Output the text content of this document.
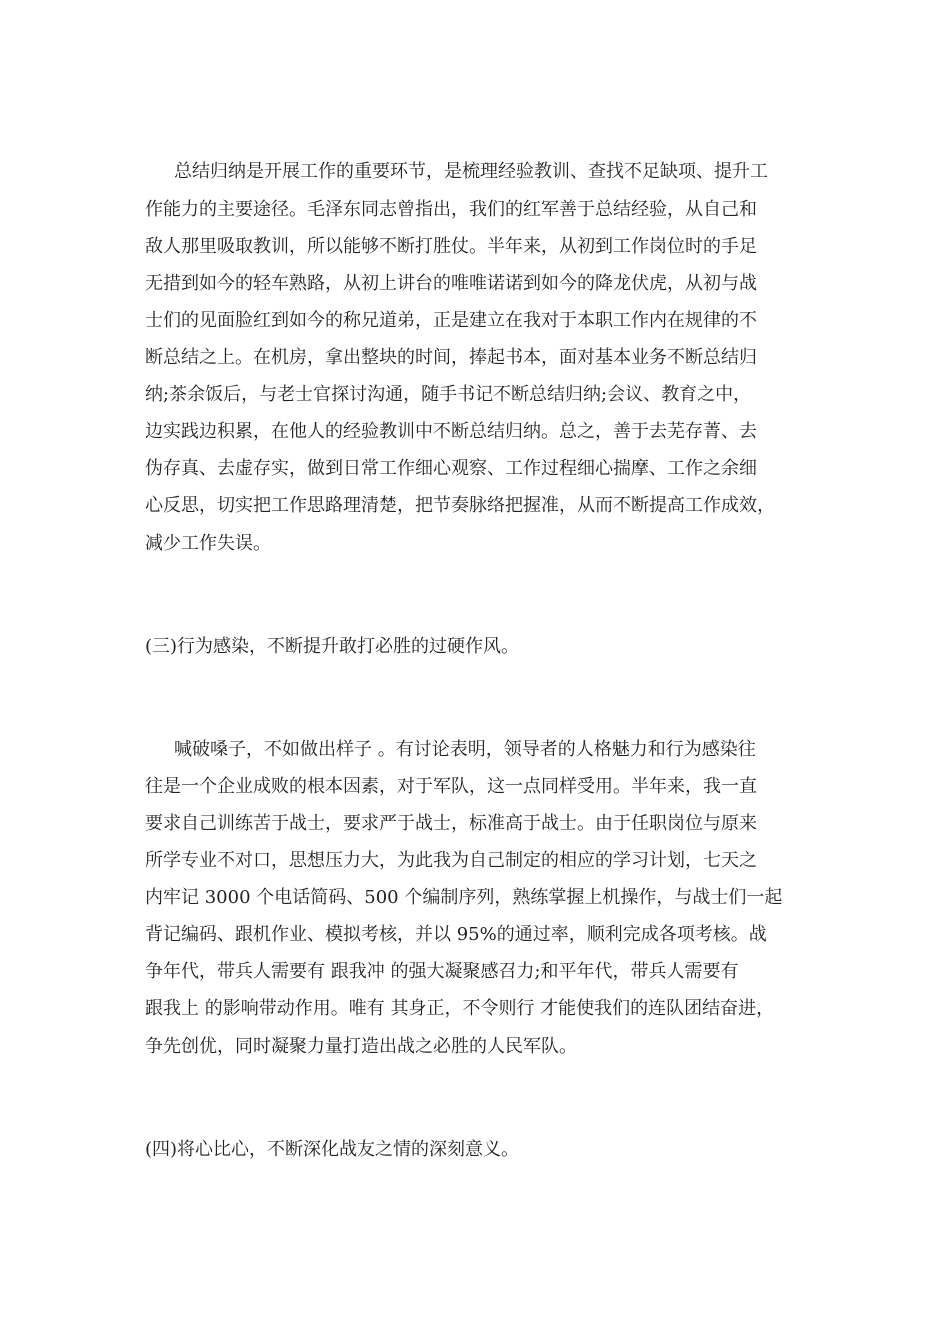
总结归纳是开展工作的重要环节，是梳理经验教训、查找不足缺项、提升工
作能力的主要途径。毛泽东同志曾指出，我们的红军善于总结经验，从自己和
敌人那里吸取教训，所以能够不断打胜仗。半年来，从初到工作岗位时的手足
无措到如今的轻车熟路，从初上讲台的唯唯诺诺到如今的降龙伏虎，从初与战
士们的见面脸红到如今的称兄道弟，正是建立在我对于本职工作内在规律的不
断总结之上。在机房，拿出整块的时间，捧起书本，面对基本业务不断总结归
纳;茶余饭后，与老士官探讨沟通，随手书记不断总结归纳;会议、教育之中，
边实践边积累，在他人的经验教训中不断总结归纳。总之，善于去芜存菁、去
伪存真、去虚存实，做到日常工作细心观察、工作过程细心揣摩、工作之余细
心反思，切实把工作思路理清楚，把节奏脉络把握准，从而不断提高工作成效，
减少工作失误。
(三)行为感染，不断提升敢打必胜的过硬作风。
喊破嗓子，不如做出样子 。有讨论表明，领导者的人格魅力和行为感染往
往是一个企业成败的根本因素，对于军队，这一点同样受用。半年来，我一直
要求自己训练苦于战士，要求严于战士，标准高于战士。由于任职岗位与原来
所学专业不对口，思想压力大，为此我为自己制定的相应的学习计划，七天之
内牢记 3000 个电话简码、500 个编制序列，熟练掌握上机操作，与战士们一起
背记编码、跟机作业、模拟考核，并以 95%的通过率，顺利完成各项考核。战
争年代，带兵人需要有 跟我冲 的强大凝聚感召力;和平年代，带兵人需要有
跟我上 的影响带动作用。唯有 其身正，不令则行 才能使我们的连队团结奋进，
争先创优，同时凝聚力量打造出战之必胜的人民军队。
(四)将心比心，不断深化战友之情的深刻意义。
